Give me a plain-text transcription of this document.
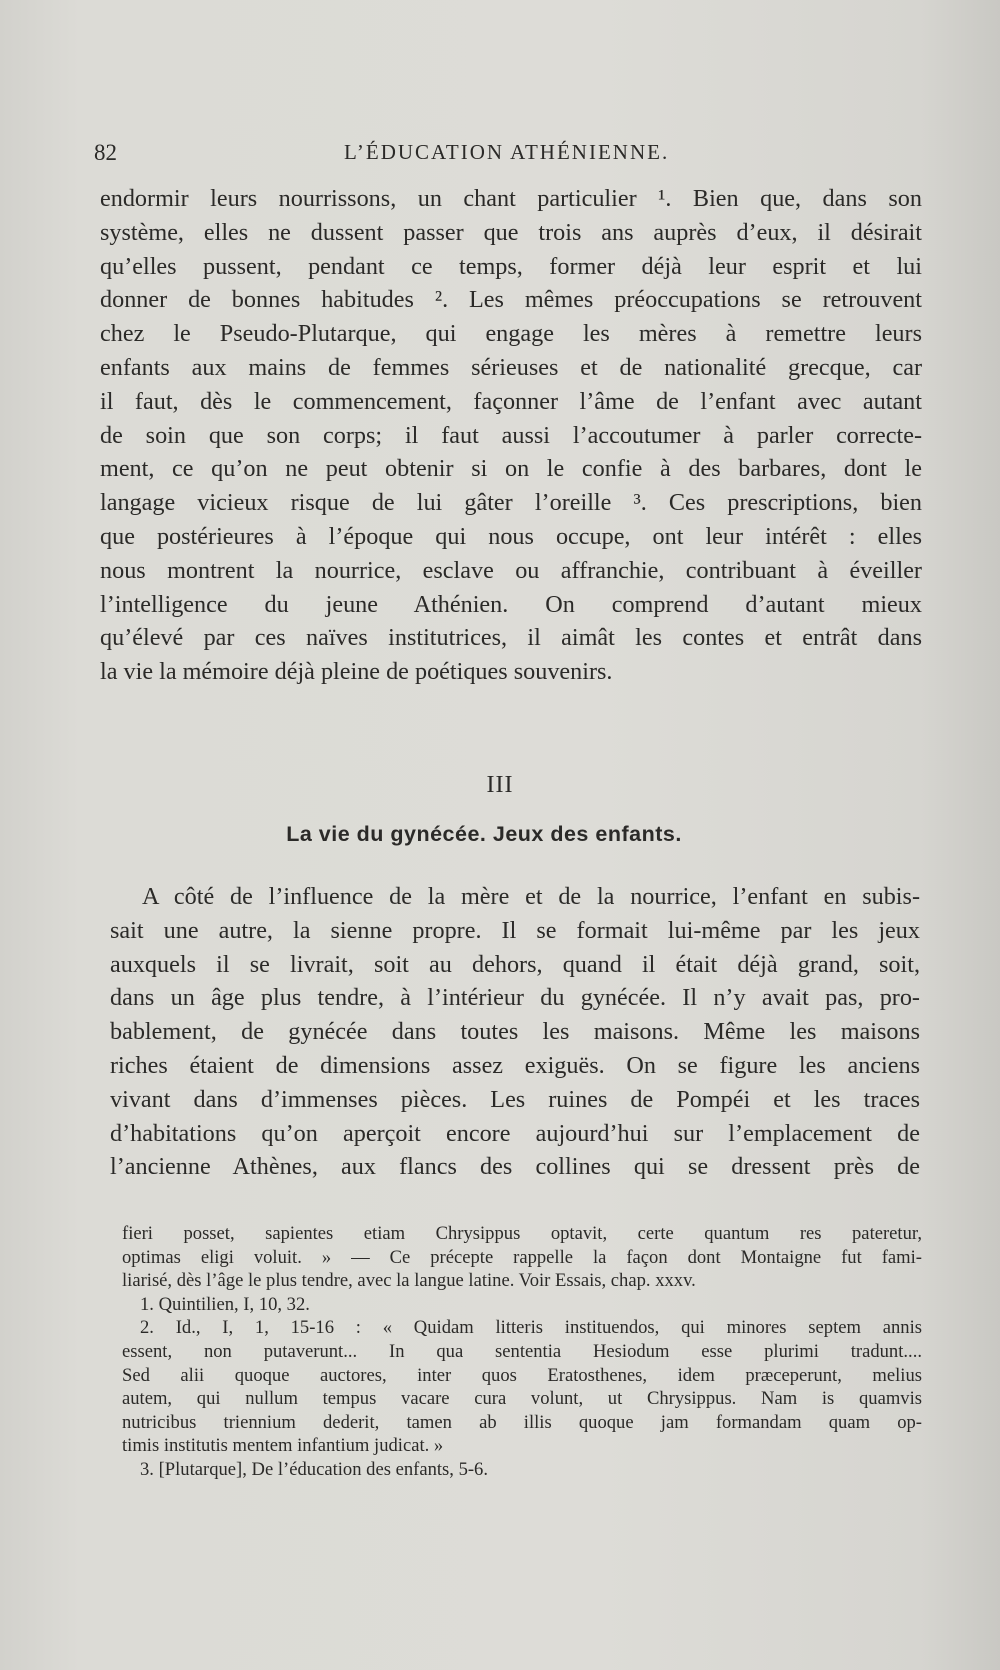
82	L’ÉDUCATION ATHÉNIENNE.

endormir leurs nourrissons, un chant particulier ¹. Bien que, dans son
système, elles ne dussent passer que trois ans auprès d’eux, il désirait
qu’elles pussent, pendant ce temps, former déjà leur esprit et lui
donner de bonnes habitudes ². Les mêmes préoccupations se retrouvent
chez le Pseudo-Plutarque, qui engage les mères à remettre leurs
enfants aux mains de femmes sérieuses et de nationalité grecque, car
il faut, dès le commencement, façonner l’âme de l’enfant avec autant
de soin que son corps; il faut aussi l’accoutumer à parler correcte-
ment, ce qu’on ne peut obtenir si on le confie à des barbares, dont le
langage vicieux risque de lui gâter l’oreille ³. Ces prescriptions, bien
que postérieures à l’époque qui nous occupe, ont leur intérêt : elles
nous montrent la nourrice, esclave ou affranchie, contribuant à éveiller
l’intelligence du jeune Athénien. On comprend d’autant mieux
qu’élevé par ces naïves institutrices, il aimât les contes et entrât dans
la vie la mémoire déjà pleine de poétiques souvenirs.

III
La vie du gynécée. Jeux des enfants.

A côté de l’influence de la mère et de la nourrice, l’enfant en subis-
sait une autre, la sienne propre. Il se formait lui-même par les jeux
auxquels il se livrait, soit au dehors, quand il était déjà grand, soit,
dans un âge plus tendre, à l’intérieur du gynécée. Il n’y avait pas, pro-
bablement, de gynécée dans toutes les maisons. Même les maisons
riches étaient de dimensions assez exiguës. On se figure les anciens
vivant dans d’immenses pièces. Les ruines de Pompéi et les traces
d’habitations qu’on aperçoit encore aujourd’hui sur l’emplacement de
l’ancienne Athènes, aux flancs des collines qui se dressent près de

fieri posset, sapientes etiam Chrysippus optavit, certe quantum res pateretur,
optimas eligi voluit. » — Ce précepte rappelle la façon dont Montaigne fut fami-
liarisé, dès l’âge le plus tendre, avec la langue latine. Voir Essais, chap. xxxv.
1. Quintilien, I, 10, 32.
2. Id., I, 1, 15-16 : « Quidam litteris instituendos, qui minores septem annis
essent, non putaverunt... In qua sententia Hesiodum esse plurimi tradunt....
Sed alii quoque auctores, inter quos Eratosthenes, idem præceperunt, melius
autem, qui nullum tempus vacare cura volunt, ut Chrysippus. Nam is quamvis
nutricibus triennium dederit, tamen ab illis quoque jam formandam quam op-
timis institutis mentem infantium judicat. »
3. [Plutarque], De l’éducation des enfants, 5-6.
